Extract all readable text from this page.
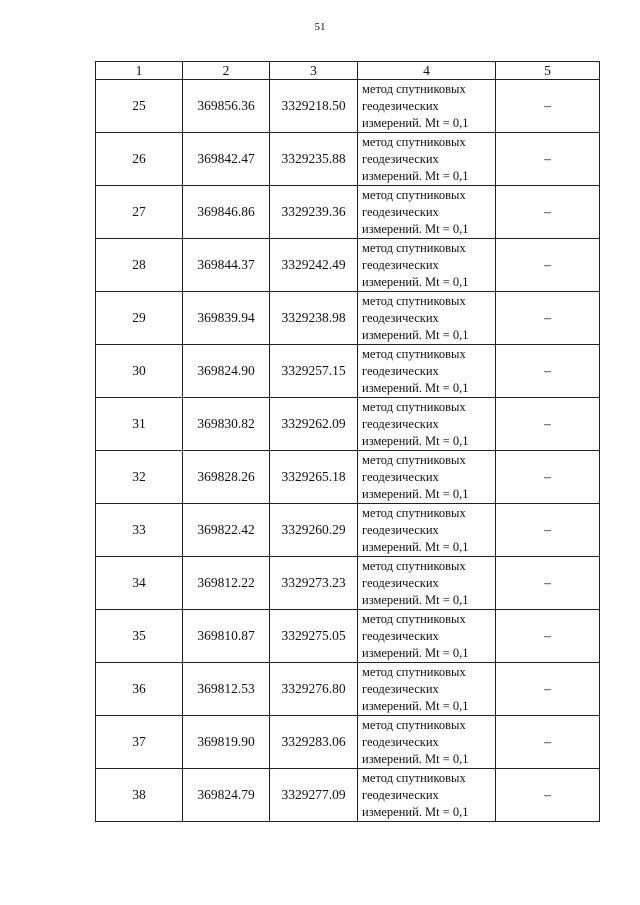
51
1	2	3	4	5
25	369856.36	3329218.50	метод спутниковых
геодезических
измерений. Mt = 0,1	–
26	369842.47	3329235.88	метод спутниковых
геодезических
измерений. Mt = 0,1	–
27	369846.86	3329239.36	метод спутниковых
геодезических
измерений. Mt = 0,1	–
28	369844.37	3329242.49	метод спутниковых
геодезических
измерений. Mt = 0,1	–
29	369839.94	3329238.98	метод спутниковых
геодезических
измерений. Mt = 0,1	–
30	369824.90	3329257.15	метод спутниковых
геодезических
измерений. Mt = 0,1	–
31	369830.82	3329262.09	метод спутниковых
геодезических
измерений. Mt = 0,1	–
32	369828.26	3329265.18	метод спутниковых
геодезических
измерений. Mt = 0,1	–
33	369822.42	3329260.29	метод спутниковых
геодезических
измерений. Mt = 0,1	–
34	369812.22	3329273.23	метод спутниковых
геодезических
измерений. Mt = 0,1	–
35	369810.87	3329275.05	метод спутниковых
геодезических
измерений. Mt = 0,1	–
36	369812.53	3329276.80	метод спутниковых
геодезических
измерений. Mt = 0,1	–
37	369819.90	3329283.06	метод спутниковых
геодезических
измерений. Mt = 0,1	–
38	369824.79	3329277.09	метод спутниковых
геодезических
измерений. Mt = 0,1	–
